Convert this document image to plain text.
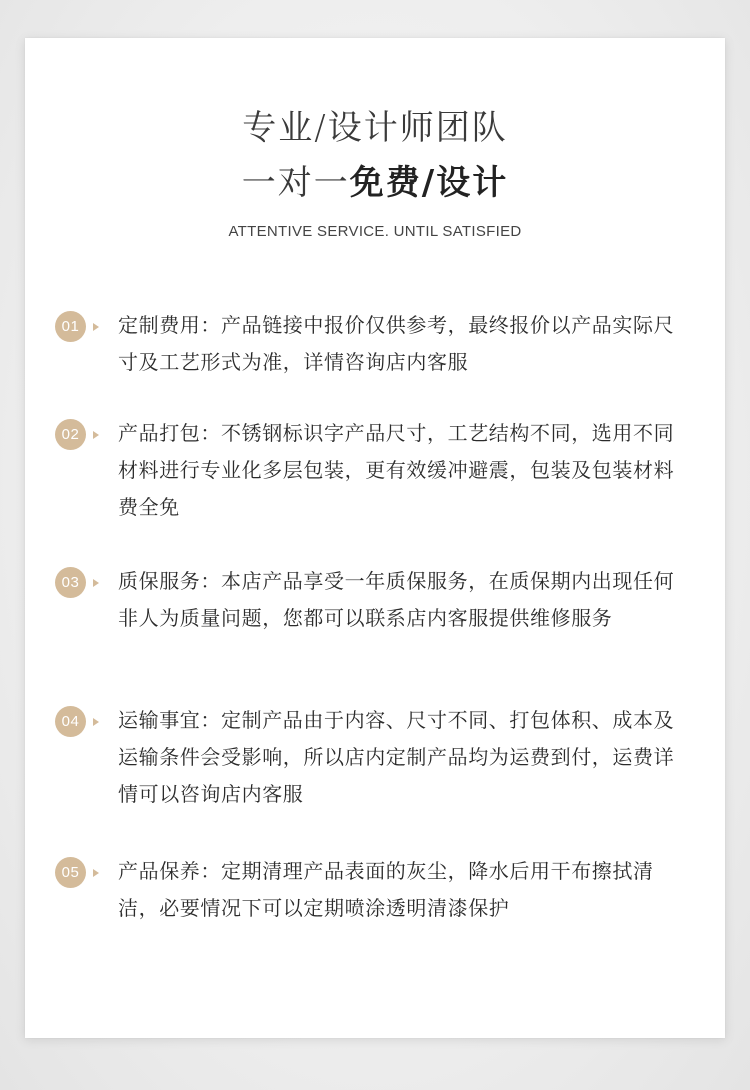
专业/设计师团队
一对一免费/设计
ATTENTIVE SERVICE. UNTIL SATISFIED
01	定制费用：产品链接中报价仅供参考，最终报价以产品实际尺寸及工艺形式为准，详情咨询店内客服

02	产品打包：不锈钢标识字产品尺寸，工艺结构不同，选用不同材料进行专业化多层包装，更有效缓冲避震，包装及包装材料费全免

03	质保服务：本店产品享受一年质保服务，在质保期内出现任何非人为质量问题，您都可以联系店内客服提供维修服务

04	运输事宜：定制产品由于内容、尺寸不同、打包体积、成本及运输条件会受影响，所以店内定制产品均为运费到付，运费详情可以咨询店内客服

05	产品保养：定期清理产品表面的灰尘，降水后用干布擦拭清洁，必要情况下可以定期喷涂透明清漆保护
